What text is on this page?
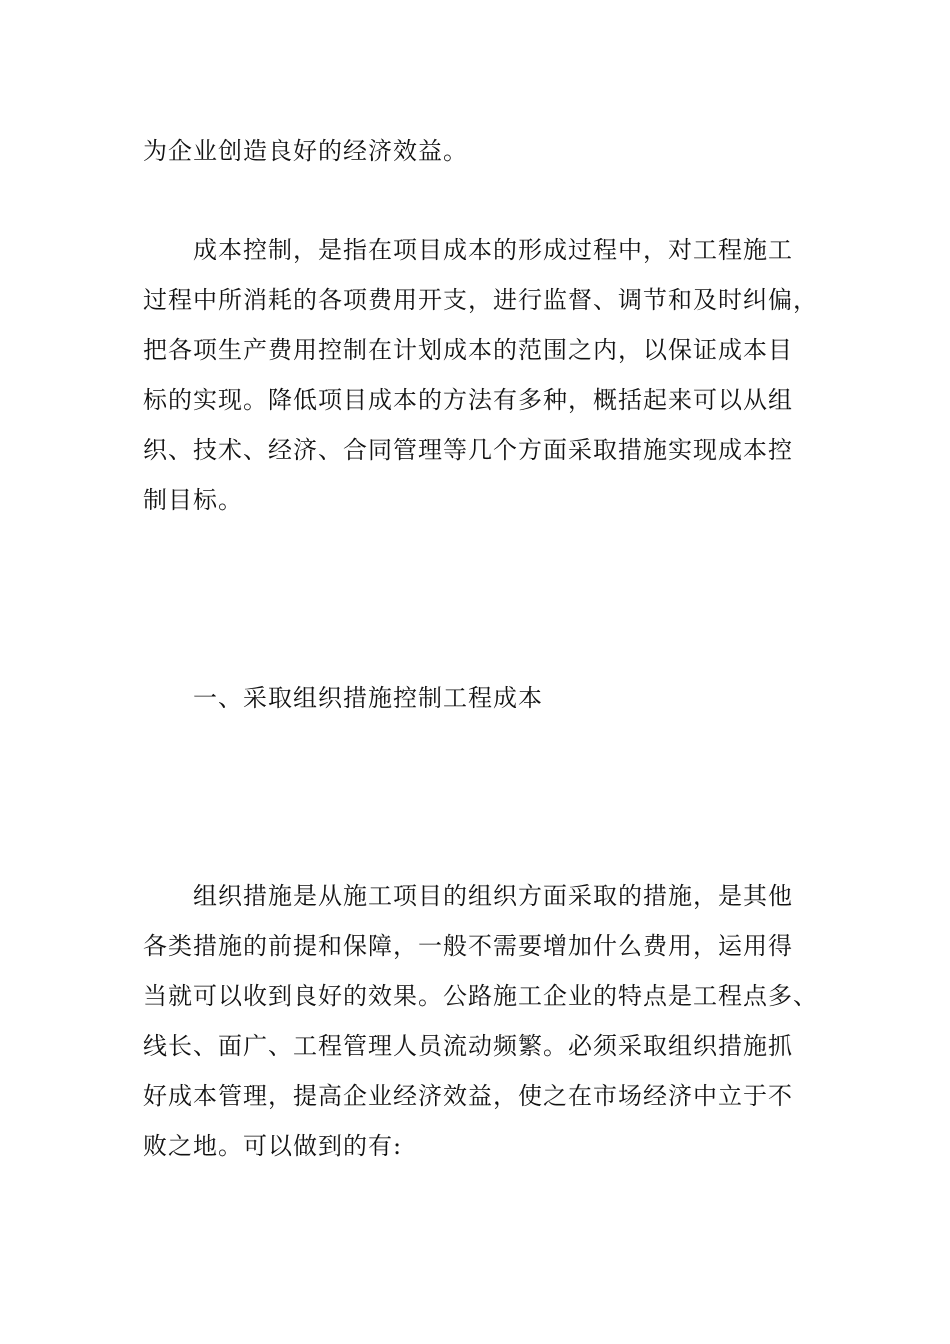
为企业创造良好的经济效益。
成本控制，是指在项目成本的形成过程中，对工程施工
过程中所消耗的各项费用开支，进行监督、调节和及时纠偏，
把各项生产费用控制在计划成本的范围之内，以保证成本目
标的实现。降低项目成本的方法有多种，概括起来可以从组
织、技术、经济、合同管理等几个方面采取措施实现成本控
制目标。
一、采取组织措施控制工程成本
组织措施是从施工项目的组织方面采取的措施，是其他
各类措施的前提和保障，一般不需要增加什么费用，运用得
当就可以收到良好的效果。公路施工企业的特点是工程点多、
线长、面广、工程管理人员流动频繁。必须采取组织措施抓
好成本管理，提高企业经济效益，使之在市场经济中立于不
败之地。可以做到的有:
